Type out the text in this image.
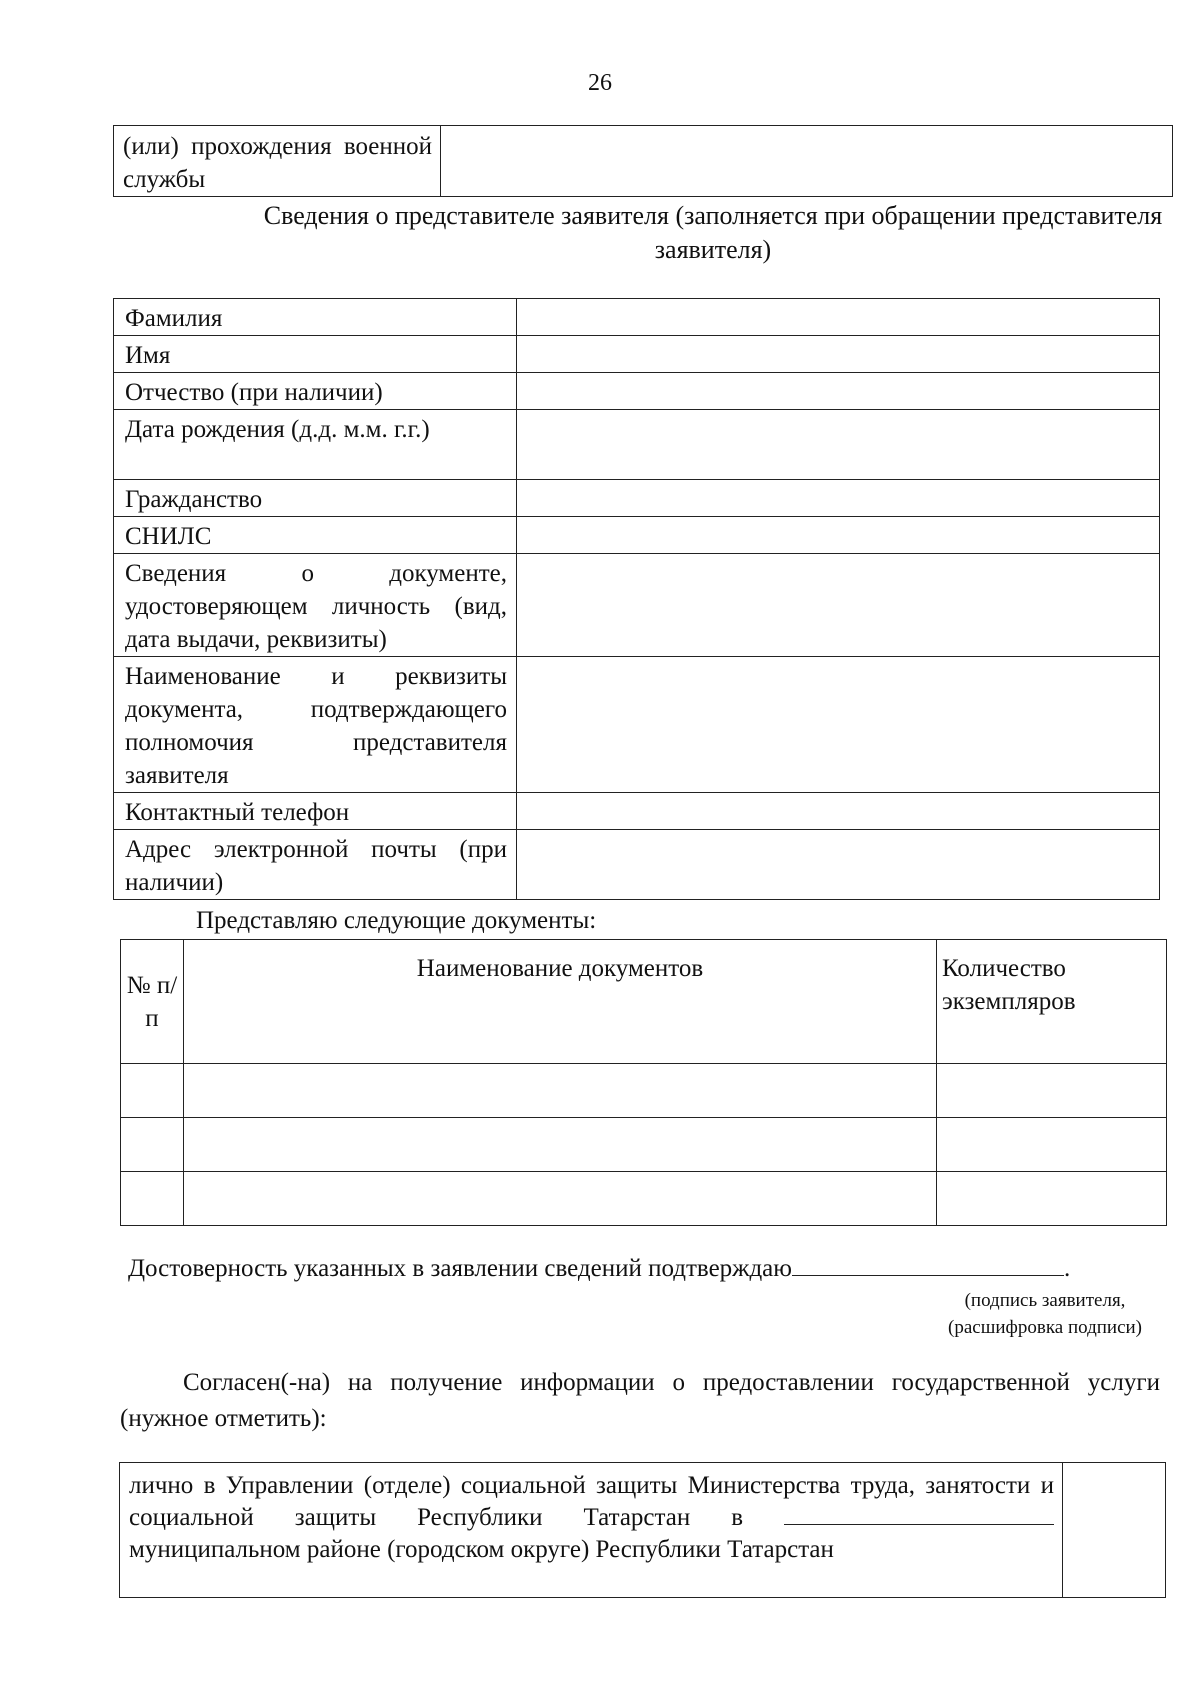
26
(или) прохождения военной службы	
Сведения о представителе заявителя (заполняется при обращении представителя заявителя)
Фамилия	
Имя	
Отчество (при наличии)	
Дата рождения (д.д. м.м. г.г.)	
Гражданство	
СНИЛС	
Сведения о документе, удостоверяющем личность (вид, дата выдачи, реквизиты)	
Наименование и реквизиты документа, подтверждающего полномочия представителя заявителя	
Контактный телефон	
Адрес электронной почты (при наличии)	
Представляю следующие документы:
№ п/п	Наименование документов	Количество экземпляров

Достоверность указанных в заявлении сведений подтверждаю	.
(подпись заявителя,
(расшифровка подписи)
Согласен(-на) на получение информации о предоставлении государственной услуги (нужное отметить):
лично в Управлении (отделе) социальной защиты Министерства труда, занятости и социальной защиты Республики Татарстан в  муниципальном районе (городском округе) Республики Татарстан	
